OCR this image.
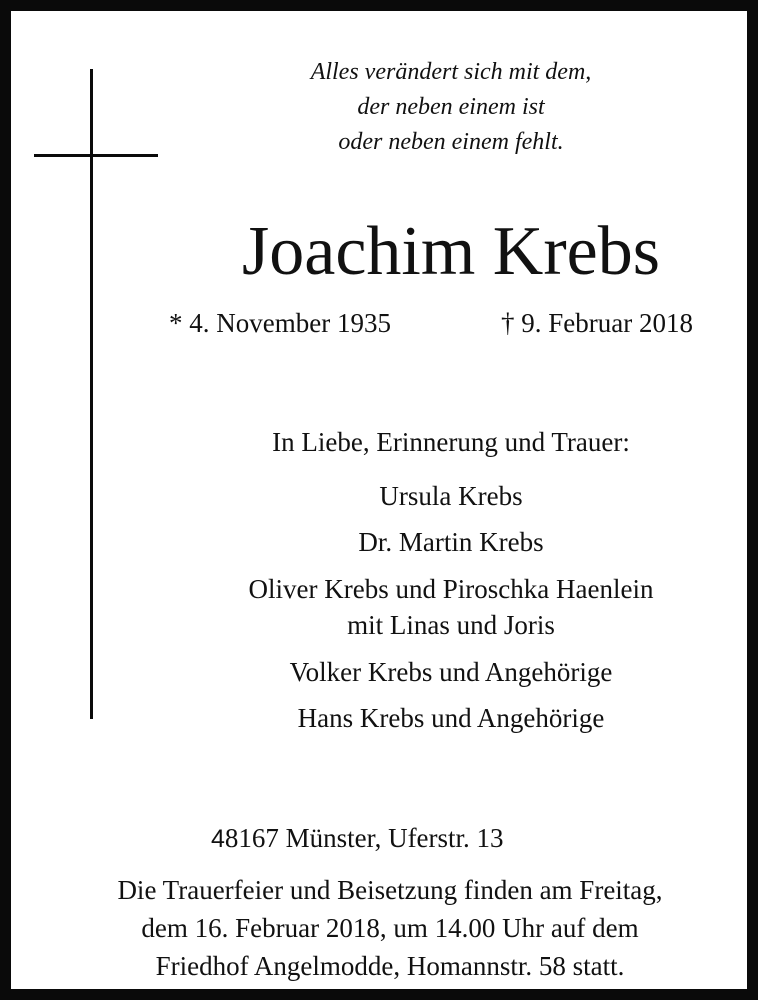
Alles verändert sich mit dem,
der neben einem ist
oder neben einem fehlt.
Joachim Krebs
* 4. November 1935	† 9. Februar 2018
In Liebe, Erinnerung und Trauer:
Ursula Krebs
Dr. Martin Krebs
Oliver Krebs und Piroschka Haenlein
mit Linas und Joris
Volker Krebs und Angehörige
Hans Krebs und Angehörige
48167 Münster, Uferstr. 13
Die Trauerfeier und Beisetzung finden am Freitag,
dem 16. Februar 2018, um 14.00 Uhr auf dem
Friedhof Angelmodde, Homannstr. 58 statt.
